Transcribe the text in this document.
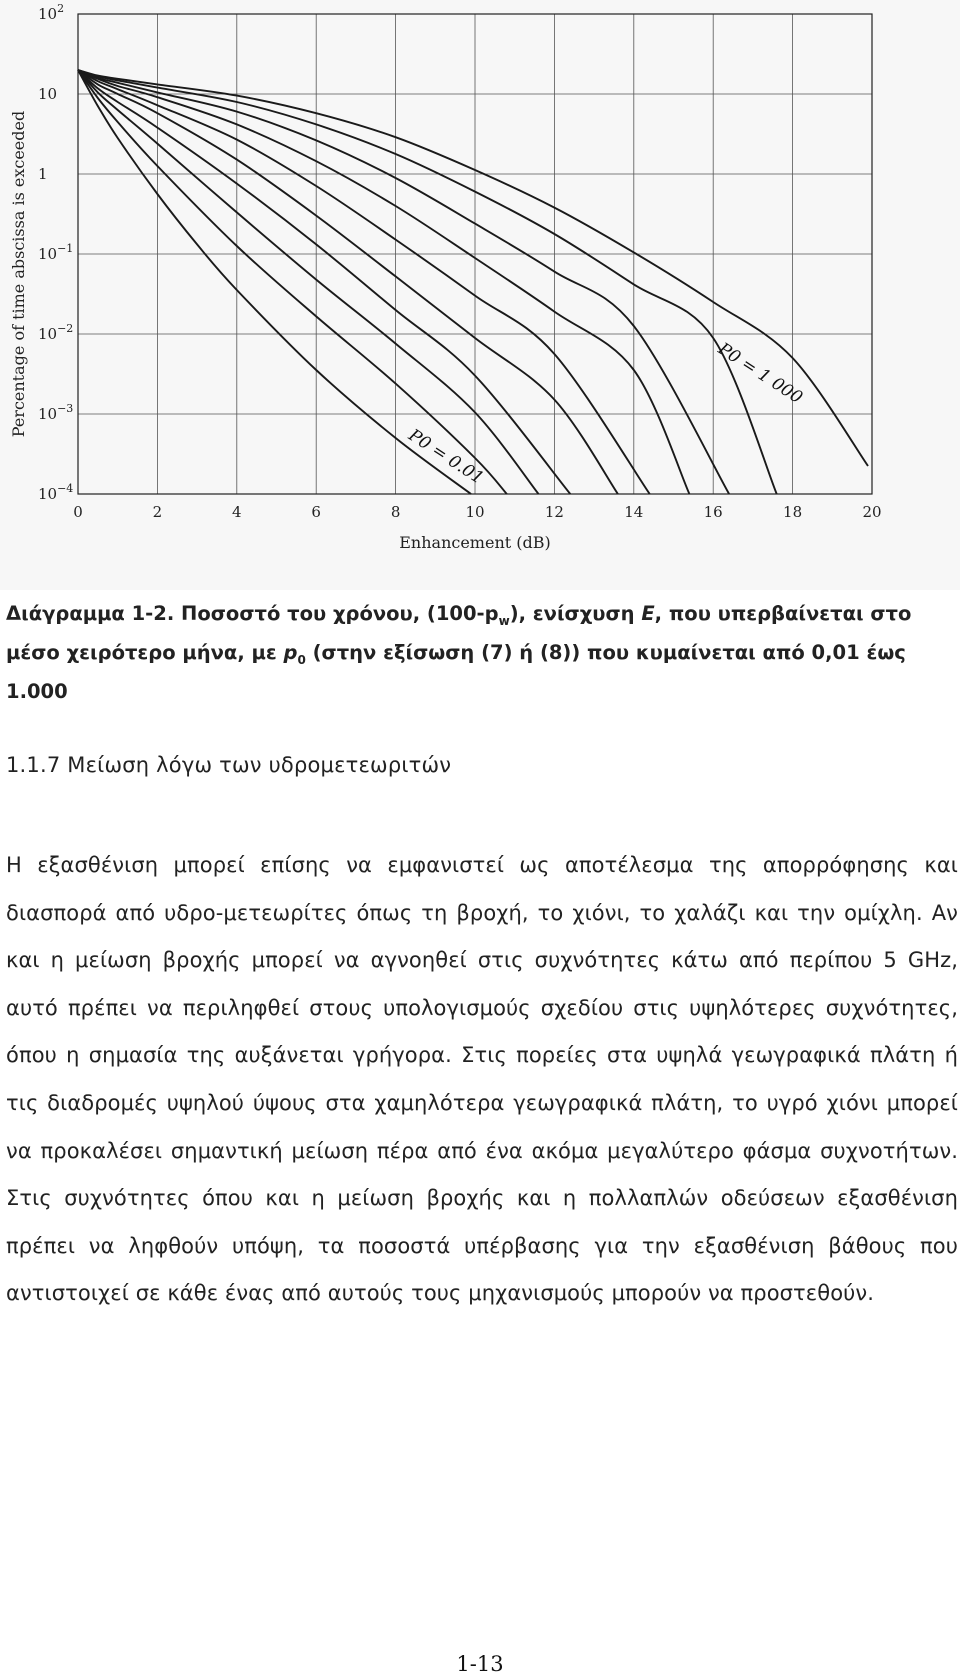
0	2	4	6	8	10	12	14	16	18	20
$10^2$
10
1
$10^{-1}$
$10^{-2}$
$10^{-3}$
$10^{-4}$
Enhancement (dB)
Percentage of time abscissa is exceeded	P0 = 1 000
P0 = 0.01

Διάγραμμα 1-2. Ποσοστό του χρόνου, $(100-p_w)$, ενίσχυση E, που υπερβαίνεται στο μέσο χειρότερο μήνα, με $p_0$ (στην εξίσωση (7) ή (8)) που κυμαίνεται από 0,01 έως 1.000

1.1.7 Μείωση λόγω των υδρομετεωριτών

Η εξασθένιση μπορεί επίσης να εμφανιστεί ως αποτέλεσμα της απορρόφησης και διασπορά από υδρο-μετεωρίτες όπως τη βροχή, το χιόνι, το χαλάζι και την ομίχλη. Αν και η μείωση βροχής μπορεί να αγνοηθεί στις συχνότητες κάτω από περίπου 5 GHz, αυτό πρέπει να περιληφθεί στους υπολογισμούς σχεδίου στις υψηλότερες συχνότητες, όπου η σημασία της αυξάνεται γρήγορα. Στις πορείες στα υψηλά γεωγραφικά πλάτη ή τις διαδρομές υψηλού ύψους στα χαμηλότερα γεωγραφικά πλάτη, το υγρό χιόνι μπορεί να προκαλέσει σημαντική μείωση πέρα από ένα ακόμα μεγαλύτερο φάσμα συχνοτήτων. Στις συχνότητες όπου και η μείωση βροχής και η πολλαπλών οδεύσεων εξασθένιση πρέπει να ληφθούν υπόψη, τα ποσοστά υπέρβασης για την εξασθένιση βάθους που αντιστοιχεί σε κάθε ένας από αυτούς τους μηχανισμούς μπορούν να προστεθούν.

1-13
